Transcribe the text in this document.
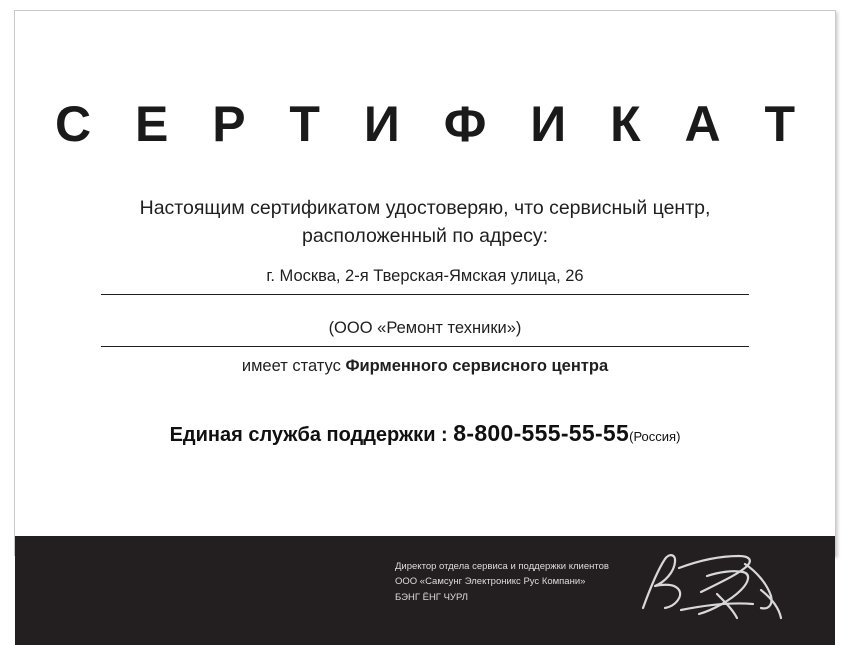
С Е Р Т И Ф И К А Т
Настоящим сертификатом удостоверяю, что сервисный центр,
расположенный по адресу:
г. Москва, 2-я Тверская-Ямская улица, 26
(ООО «Ремонт техники»)
имеет статус Фирменного сервисного центра
Единая служба поддержки : 8-800-555-55-55(Россия)
Директор отдела сервиса и поддержки клиентов
ООО «Самсунг Электроникс Рус Компани»
БЭНГ ЁНГ ЧУРЛ
